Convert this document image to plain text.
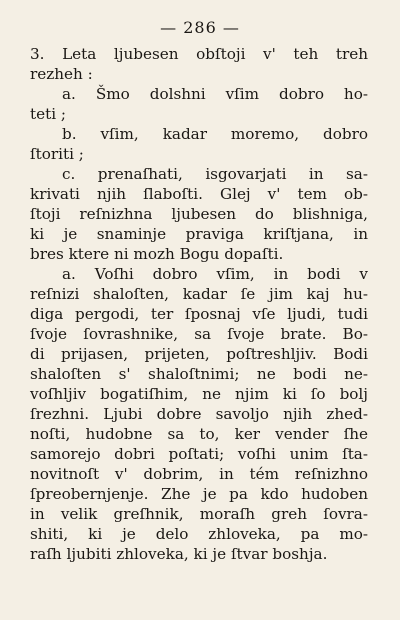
— 286 —
3. Leta ljubesen obſtoji v' teh treh
rezheh :
a. Šmo dolshni vſim dobro ho-
teti ;
b. vſim, kadar moremo, dobro
ſtoriti ;
c. prenaſhati, isgovarjati in sa-
krivati njih ſlaboſti. Glej v' tem ob-
ſtoji reſnizhna ljubesen do blishniga,
ki je snaminje praviga kriſtjana, in
bres ktere ni mozh Bogu dopaſti.
a. Voſhi dobro vſim, in bodi v
reſnizi shaloſten, kadar ſe jim kaj hu-
diga pergodi, ter ſposnaj vſe ljudi, tudi
ſvoje ſovrashnike, sa ſvoje brate. Bo-
di prijasen, prijeten, poſtreshljiv. Bodi
shaloſten s' shaloſtnimi; ne bodi ne-
voſhljiv bogatiſhim, ne njim ki ſo bolj
ſrezhni. Ljubi dobre savoljo njih zhed-
noſti, hudobne sa to, ker vender ſhe
samorejo dobri poſtati; voſhi unim ſta-
novitnoſt v' dobrim, in tém reſnizhno
ſpreobernjenje. Zhe je pa kdo hudoben
in velik greſhnik, moraſh greh ſovra-
shiti, ki je delo zhloveka, pa mo-
raſh ljubiti zhloveka, ki je ſtvar boshja.
